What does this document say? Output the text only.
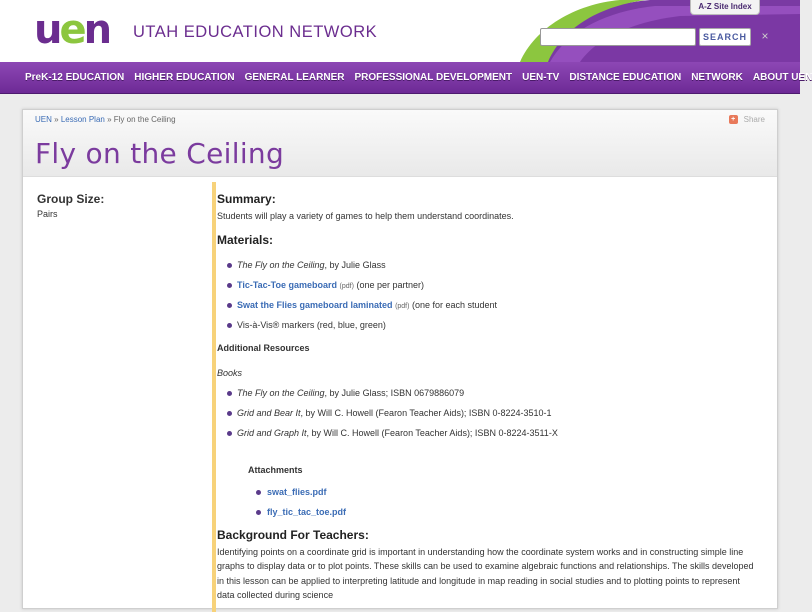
uen UTAH EDUCATION NETWORK
A-Z Site Index
SEARCH	×
PreK-12 EDUCATION HIGHER EDUCATION GENERAL LEARNER PROFESSIONAL DEVELOPMENT UEN-TV DISTANCE EDUCATION NETWORK ABOUT UEN
UEN » Lesson Plan » Fly on the Ceiling	+	Share
Fly on the Ceiling
Group Size:
Pairs
Summary:
Students will play a variety of games to help them understand coordinates.
Materials:
The Fly on the Ceiling, by Julie Glass
Tic-Tac-Toe gameboard (pdf) (one per partner)
Swat the Flies gameboard laminated (pdf) (one for each student
Vis-à-Vis® markers (red, blue, green)
Additional Resources
Books
The Fly on the Ceiling, by Julie Glass; ISBN 0679886079
Grid and Bear It, by Will C. Howell (Fearon Teacher Aids); ISBN 0-8224-3510-1
Grid and Graph It, by Will C. Howell (Fearon Teacher Aids); ISBN 0-8224-3511-X
Attachments
swat_flies.pdf
fly_tic_tac_toe.pdf
Background For Teachers:
Identifying points on a coordinate grid is important in understanding how the coordinate system works and in constructing simple line graphs to display data or to plot points. These skills can be used to examine algebraic functions and relationships. The skills developed in this lesson can be applied to interpreting latitude and longitude in map reading in social studies and to plotting points to represent data collected during science
